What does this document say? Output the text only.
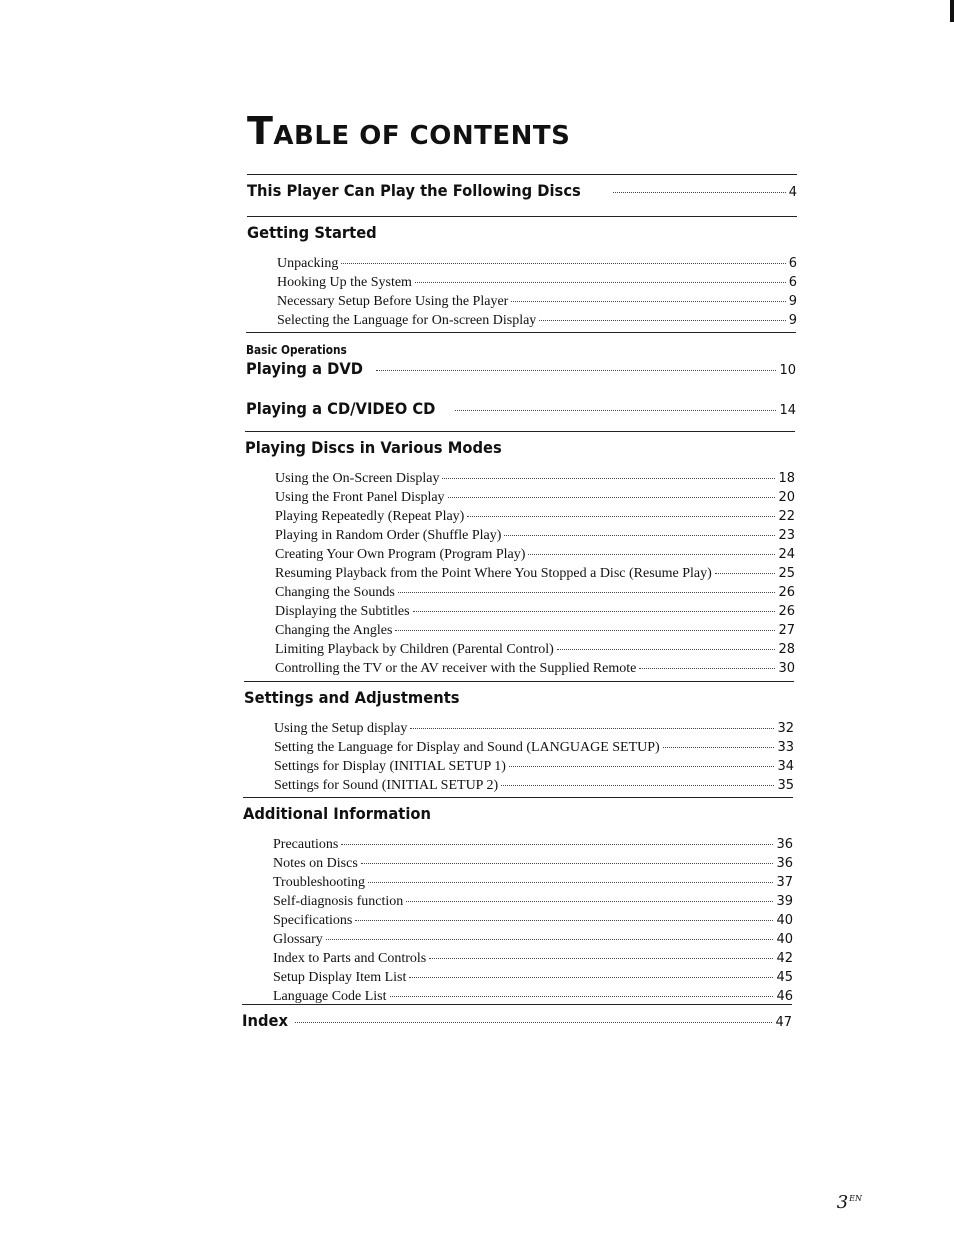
TABLE OF CONTENTS
This Player Can Play the Following Discs	4
Getting Started
Unpacking	6
Hooking Up the System	6
Necessary Setup Before Using the Player	9
Selecting the Language for On-screen Display	9
Basic Operations
Playing a DVD	10
Playing a CD/VIDEO CD	14
Playing Discs in Various Modes
Using the On-Screen Display	18
Using the Front Panel Display	20
Playing Repeatedly (Repeat Play)	22
Playing in Random Order (Shuffle Play)	23
Creating Your Own Program (Program Play)	24
Resuming Playback from the Point Where You Stopped a Disc (Resume Play)	25
Changing the Sounds	26
Displaying the Subtitles	26
Changing the Angles	27
Limiting Playback by Children (Parental Control)	28
Controlling the TV or the AV receiver with the Supplied Remote	30
Settings and Adjustments
Using the Setup display	32
Setting the Language for Display and Sound (LANGUAGE SETUP)	33
Settings for Display (INITIAL SETUP 1)	34
Settings for Sound (INITIAL SETUP 2)	35
Additional Information
Precautions	36
Notes on Discs	36
Troubleshooting	37
Self-diagnosis function	39
Specifications	40
Glossary	40
Index to Parts and Controls	42
Setup Display Item List	45
Language Code List	46
Index	47
$3^{EN}$
